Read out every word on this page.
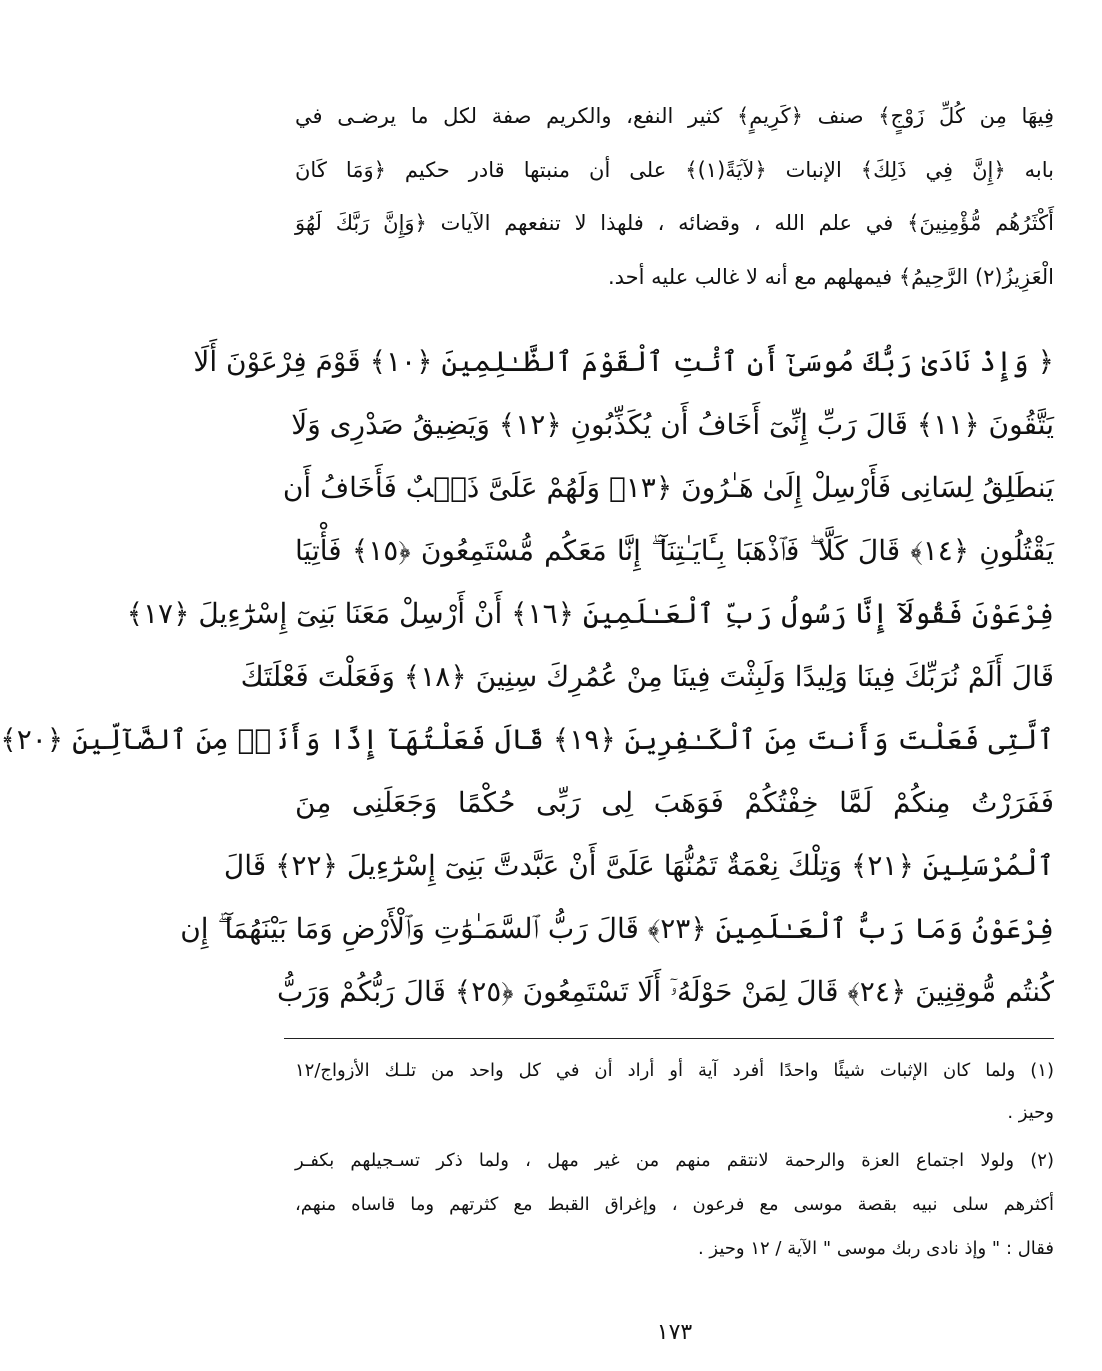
فِيهَا مِن كُلِّ زَوْجٍ﴾ صنف ﴿كَرِيمٍ﴾ كثير النفع، والكريم صفة لكل ما يرضـى في
بابه ﴿إِنَّ فِي ذَلِكَ﴾ الإنبات ﴿لآيَةً(١)﴾ على أن منبتها قادر حكيم ﴿وَمَا كَانَ
أَكْثَرُهُم مُّؤْمِنِينَ﴾ في علم الله ، وقضائه ، فلهذا لا تنفعهم الآيات ﴿وَإِنَّ رَبَّكَ لَهُوَ
الْعَزِيزُ(٢) الرَّحِيمُ﴾ فيمهلهم مع أنه لا غالب عليه أحد.
﴿ وَإِذْ نَادَىٰ رَبُّكَ مُوسَىٰٓ أَنِ ٱئْتِ ٱلْقَوْمَ ٱلظَّـٰلِمِينَ ﴿١٠﴾ قَوْمَ فِرْعَوْنَ أَلَا
يَتَّقُونَ ﴿١١﴾ قَالَ رَبِّ إِنِّىٓ أَخَافُ أَن يُكَذِّبُونِ ﴿١٢﴾ وَيَضِيقُ صَدْرِى وَلَا
يَنطَلِقُ لِسَانِى فَأَرْسِلْ إِلَىٰ هَـٰرُونَ ﴿١٣﴾ وَلَهُمْ عَلَىَّ ذَنۢبٌ فَأَخَافُ أَن
يَقْتُلُونِ ﴿١٤﴾ قَالَ كَلَّا ۖ فَٱذْهَبَا بِـَٔايَـٰتِنَآ ۖ إِنَّا مَعَكُم مُّسْتَمِعُونَ ﴿١٥﴾ فَأْتِيَا
فِرْعَوْنَ فَقُولَآ إِنَّا رَسُولُ رَبِّ ٱلْعَـٰلَمِينَ ﴿١٦﴾ أَنْ أَرْسِلْ مَعَنَا بَنِىٓ إِسْرَٰٓءِيلَ ﴿١٧﴾
قَالَ أَلَمْ نُرَبِّكَ فِينَا وَلِيدًا وَلَبِثْتَ فِينَا مِنْ عُمُرِكَ سِنِينَ ﴿١٨﴾ وَفَعَلْتَ فَعْلَتَكَ
ٱلَّتِى فَعَلْتَ وَأَنتَ مِنَ ٱلْكَـٰفِرِينَ ﴿١٩﴾ قَالَ فَعَلْتُهَآ إِذًا وَأَنَا۠ مِنَ ٱلضَّآلِّينَ ﴿٢٠﴾
فَفَرَرْتُ مِنكُمْ لَمَّا خِفْتُكُمْ فَوَهَبَ لِى رَبِّى حُكْمًا وَجَعَلَنِى مِنَ
ٱلْمُرْسَلِينَ ﴿٢١﴾ وَتِلْكَ نِعْمَةٌ تَمُنُّهَا عَلَىَّ أَنْ عَبَّدتَّ بَنِىٓ إِسْرَٰٓءِيلَ ﴿٢٢﴾ قَالَ
فِرْعَوْنُ وَمَا رَبُّ ٱلْعَـٰلَمِينَ ﴿٢٣﴾ قَالَ رَبُّ ٱلسَّمَـٰوَٰتِ وَٱلْأَرْضِ وَمَا بَيْنَهُمَآ ۖ إِن
كُنتُم مُّوقِنِينَ ﴿٢٤﴾ قَالَ لِمَنْ حَوْلَهُۥٓ أَلَا تَسْتَمِعُونَ ﴿٢٥﴾ قَالَ رَبُّكُمْ وَرَبُّ
(١) ولما كان الإثبات شيئًا واحدًا أفرد آية أو أراد أن في كل واحد من تلـك الأزواج/١٢
وحيز .
(٢) ولولا اجتماع العزة والرحمة لانتقم منهم من غير مهل ، ولما ذكر تسـجيلهم بكفـر
أكثرهم سلى نبيه بقصة موسى مع فرعون ، وإغراق القبط مع كثرتهم وما قاساه منهم،
فقال : " وإذ نادى ربك موسى " الآية / ١٢ وحيز .
١٧٣
